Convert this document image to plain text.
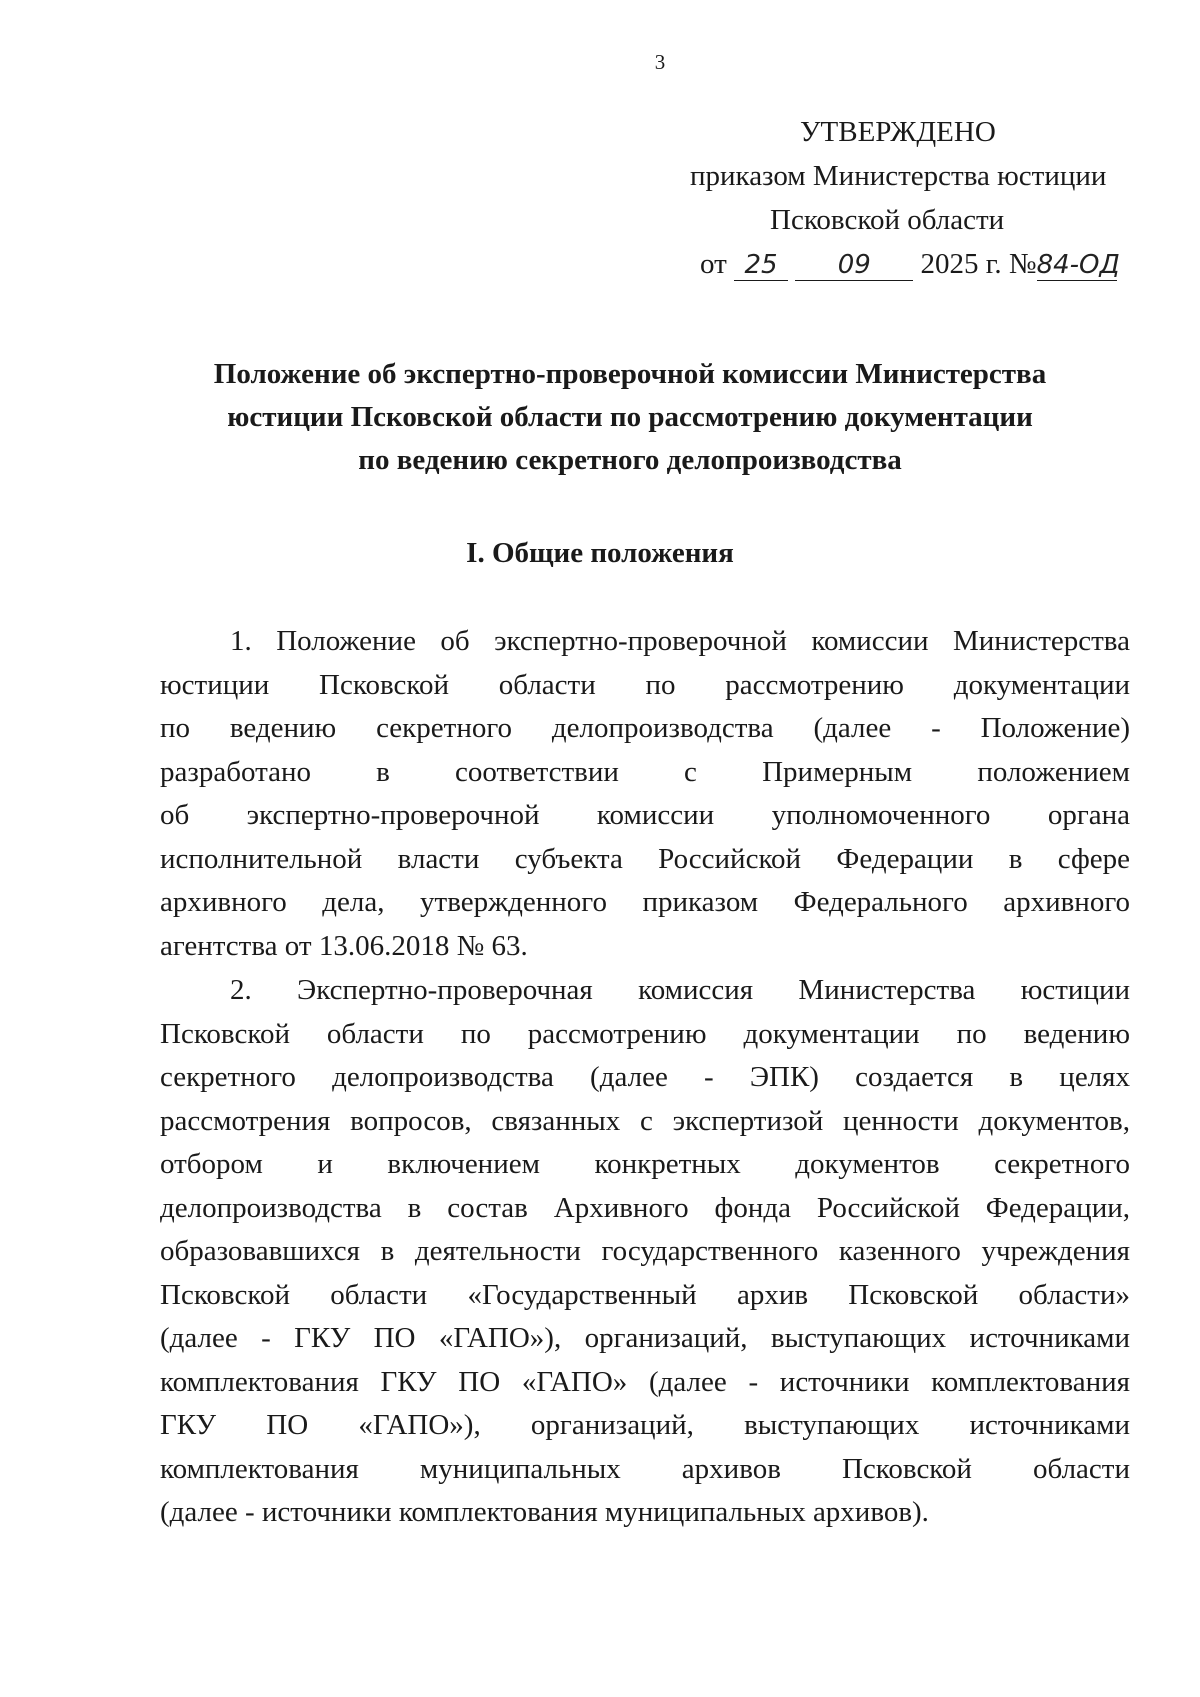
3
УТВЕРЖДЕНО
приказом Министерства юстиции
Псковской области
от 25 09 2025 г. №84-ОД
Положение об экспертно-проверочной комиссии Министерства
юстиции Псковской области по рассмотрению документации
по ведению секретного делопроизводства
I. Общие положения
1. Положение об экспертно-проверочной комиссии Министерства
юстиции Псковской области по рассмотрению документации
по ведению секретного делопроизводства (далее - Положение)
разработано в соответствии с Примерным положением
об экспертно-проверочной комиссии уполномоченного органа
исполнительной власти субъекта Российской Федерации в сфере
архивного дела, утвержденного приказом Федерального архивного
агентства от 13.06.2018 № 63.
2. Экспертно-проверочная комиссия Министерства юстиции
Псковской области по рассмотрению документации по ведению
секретного делопроизводства (далее - ЭПК) создается в целях
рассмотрения вопросов, связанных с экспертизой ценности документов,
отбором и включением конкретных документов секретного
делопроизводства в состав Архивного фонда Российской Федерации,
образовавшихся в деятельности государственного казенного учреждения
Псковской области «Государственный архив Псковской области»
(далее - ГКУ ПО «ГАПО»), организаций, выступающих источниками
комплектования ГКУ ПО «ГАПО» (далее - источники комплектования
ГКУ ПО «ГАПО»), организаций, выступающих источниками
комплектования муниципальных архивов Псковской области
(далее - источники комплектования муниципальных архивов).
